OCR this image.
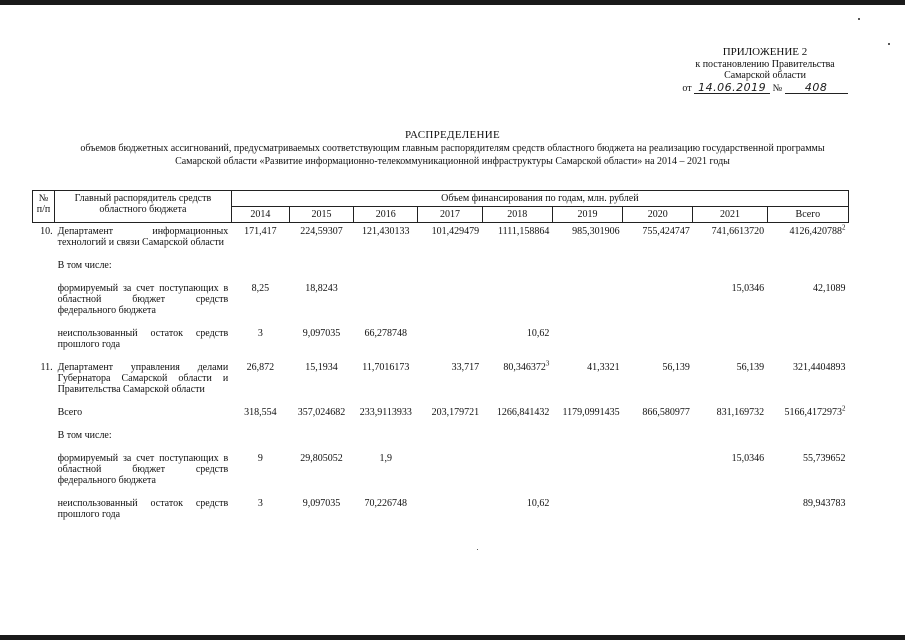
ПРИЛОЖЕНИЕ 2
к постановлению Правительства
Самарской области
от 14.06.2019 № 408
РАСПРЕДЕЛЕНИЕ
объемов бюджетных ассигнований, предусматриваемых соответствующим главным распорядителям средств областного бюджета на реализацию государственной программы
Самарской области «Развитие информационно-телекоммуникационной инфраструктуры Самарской области» на 2014 – 2021 годы
№ п/п	Главный распорядитель средств областного бюджета	Объем финансирования по годам, млн. рублей								
		2014	2015	2016	2017	2018	2019	2020	2021	Всего
10.	Департамент информационных технологий и связи Самарской области	171,417	224,59307	121,430133	101,429479	1111,158864	985,301906	755,424747	741,6613720	4126,420788$^2$
	В том числе:									
	формируемый за счет поступающих в областной бюджет средств федерального бюджета	8,25	18,8243						15,0346	42,1089
	неиспользованный остаток средств прошлого года	3	9,097035	66,278748		10,62				
11.	Департамент управления делами Губернатора Самарской области и Правительства Самарской области	26,872	15,1934	11,7016173	33,717	80,346372$^3$	41,3321	56,139	56,139	321,4404893
	Всего	318,554	357,024682	233,9113933	203,179721	1266,841432	1179,0991435	866,580977	831,169732	5166,4172973$^2$
	В том числе:									
	формируемый за счет поступающих в областной бюджет средств федерального бюджета	9	29,805052	1,9					15,0346	55,739652
	неиспользованный остаток средств прошлого года	3	9,097035	70,226748		10,62				89,943783
